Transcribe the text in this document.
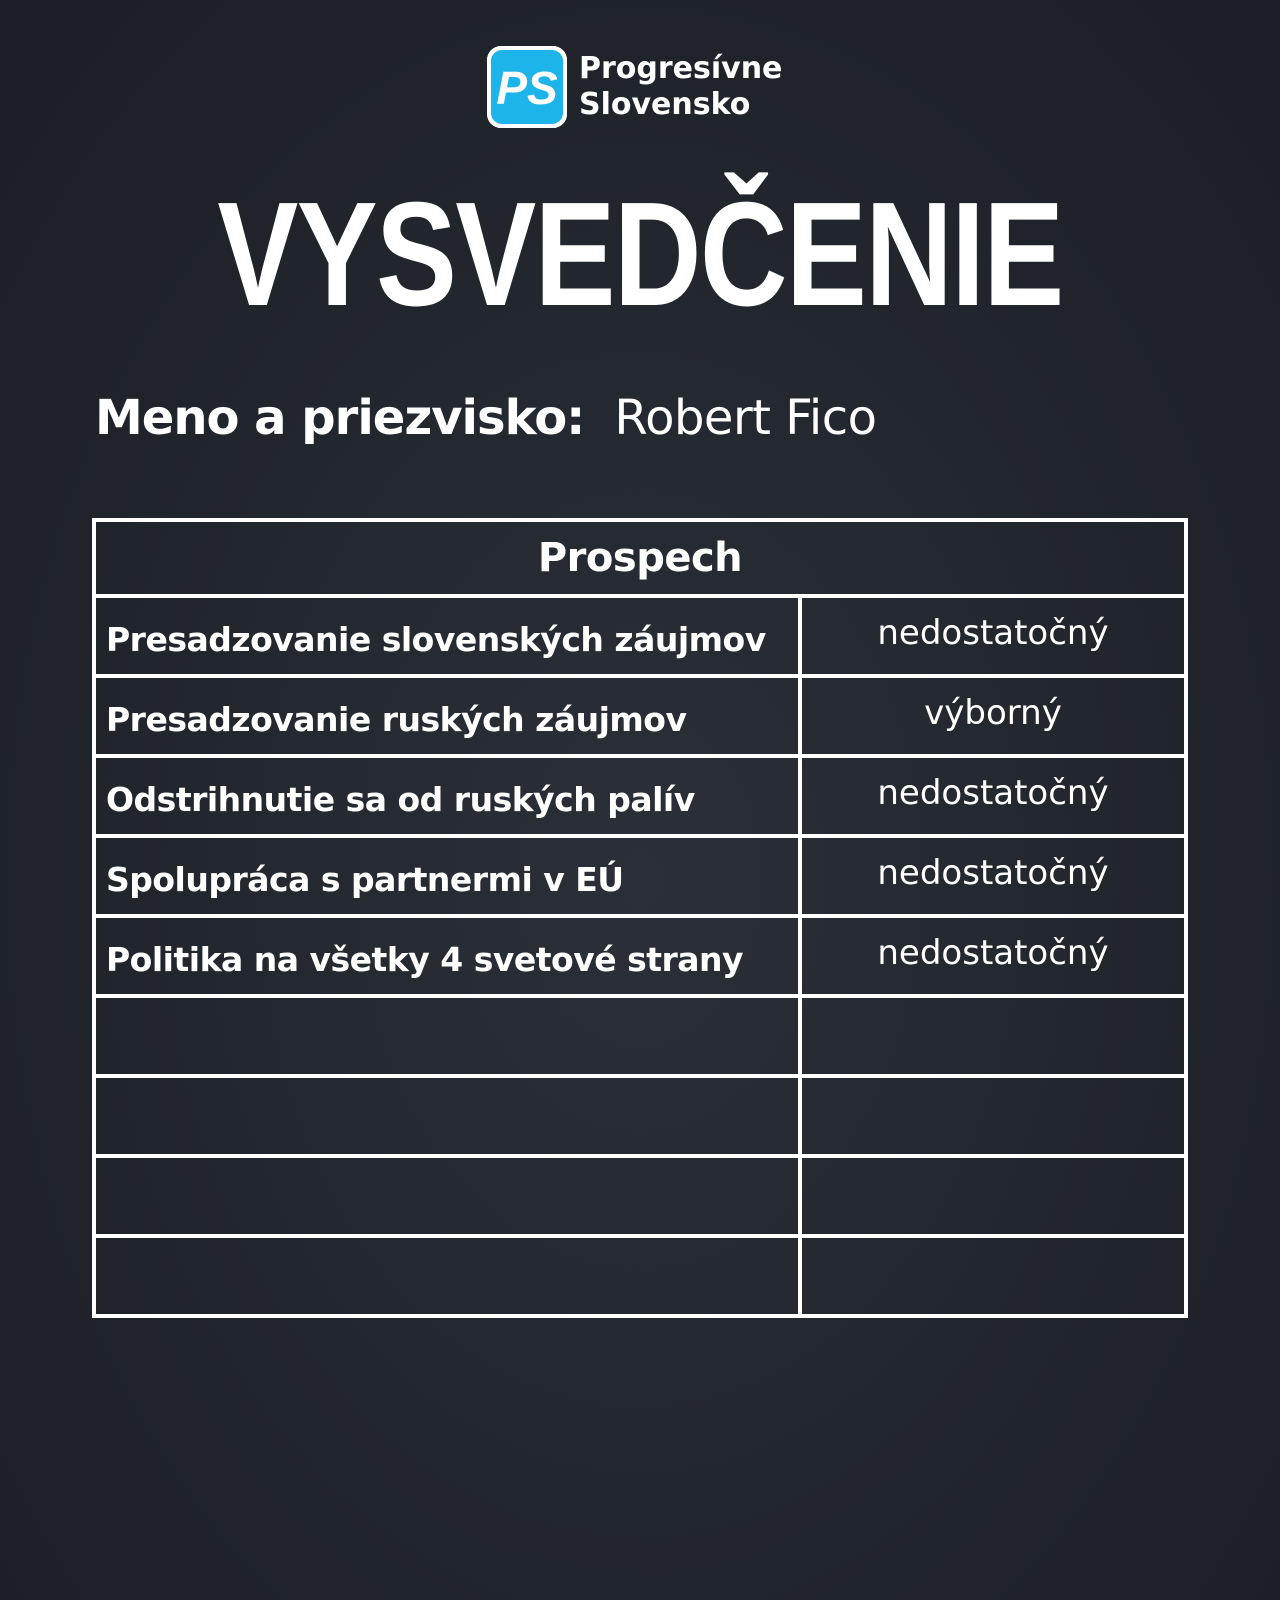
PS Progresívne
Slovensko
VYSVEDČENIE
Meno a priezvisko: Robert Fico
Prospech	
Presadzovanie slovenských záujmov	nedostatočný
Presadzovanie ruských záujmov	výborný
Odstrihnutie sa od ruských palív	nedostatočný
Spolupráca s partnermi v EÚ	nedostatočný
Politika na všetky 4 svetové strany	nedostatočný
